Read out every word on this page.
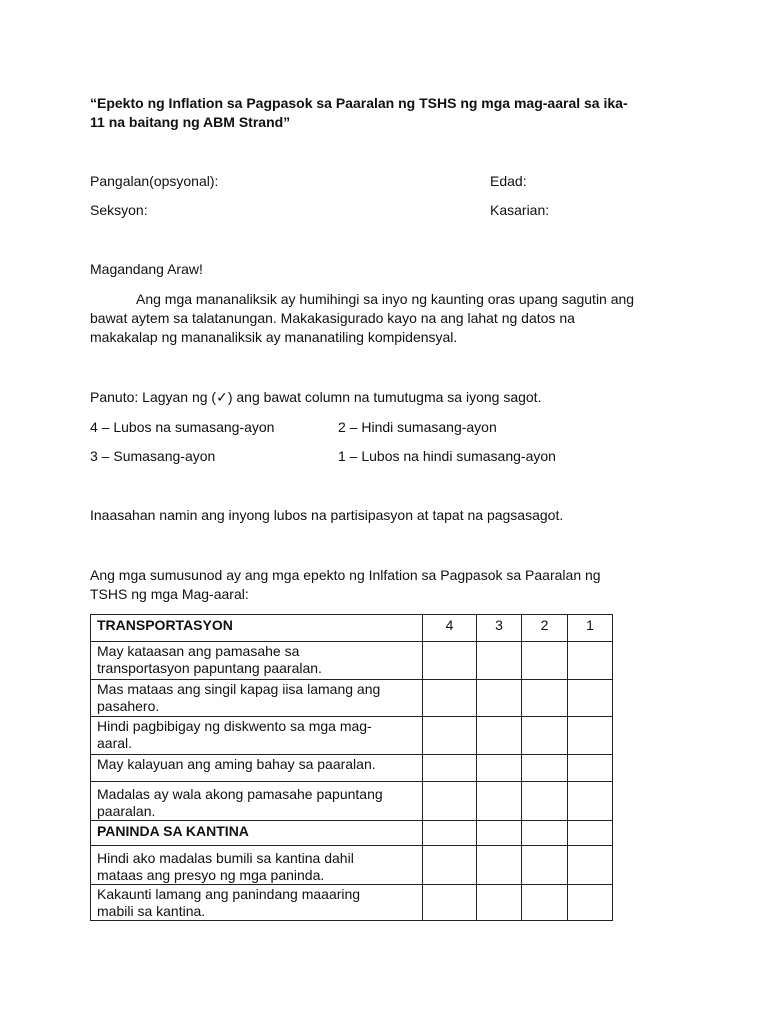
“Epekto ng Inflation sa Pagpasok sa Paaralan ng TSHS ng mga mag-aaral sa ika-
11 na baitang ng ABM Strand”
Pangalan(opsyonal):	Edad:
Seksyon:	Kasarian:
Magandang Araw!
Ang mga mananaliksik ay humihingi sa inyo ng kaunting oras upang sagutin ang
bawat aytem sa talatanungan. Makakasigurado kayo na ang lahat ng datos na
makakalap ng mananaliksik ay mananatiling kompidensyal.
Panuto: Lagyan ng (✓) ang bawat column na tumutugma sa iyong sagot.
4 – Lubos na sumasang-ayon	2 – Hindi sumasang-ayon
3 – Sumasang-ayon	1 – Lubos na hindi sumasang-ayon
Inaasahan namin ang inyong lubos na partisipasyon at tapat na pagsasagot.
Ang mga sumusunod ay ang mga epekto ng Inlfation sa Pagpasok sa Paaralan ng
TSHS ng mga Mag-aaral:
TRANSPORTASYON	4	3	2	1

May kataasan ang pamasahe sa
transportasyon papuntang paaralan.				

Mas mataas ang singil kapag iisa lamang ang
pasahero.				

Hindi pagbibigay ng diskwento sa mga mag-
aaral.				

May kalayuan ang aming bahay sa paaralan.				

Madalas ay wala akong pamasahe papuntang
paaralan.				

PANINDA SA KANTINA				

Hindi ako madalas bumili sa kantina dahil
mataas ang presyo ng mga paninda.				

Kakaunti lamang ang panindang maaaring
mabili sa kantina.				
